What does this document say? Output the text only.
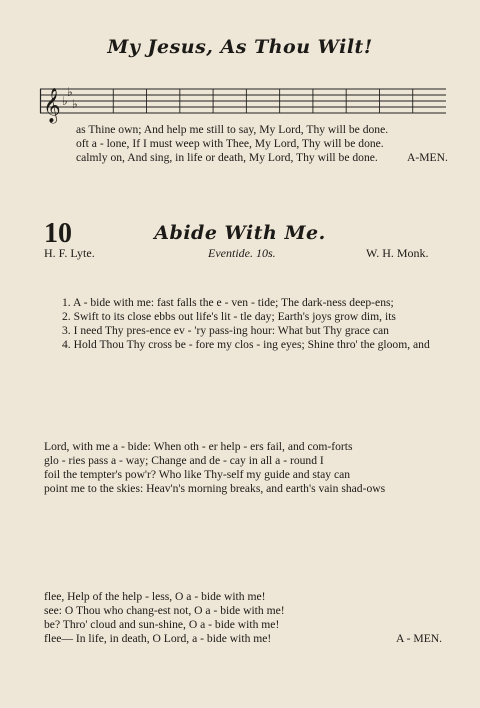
My Jesus, As Thou Wilt!
𝄞 ♭
♭
♭
as Thine own; And help me still to say, My Lord, Thy will be done.
oft a - lone, If I must weep with Thee, My Lord, Thy will be done.
calmly on, And sing, in life or death, My Lord, Thy will be done.	A-MEN.
10	Abide With Me.
H. F. Lyte.	Eventide. 10s.	W. H. Monk.
1. A - bide with me: fast falls the e - ven - tide; The dark-ness deep-ens;
2. Swift to its close ebbs out life's lit - tle day; Earth's joys grow dim, its
3. I need Thy pres-ence ev - 'ry pass-ing hour: What but Thy grace can
4. Hold Thou Thy cross be - fore my clos - ing eyes; Shine thro' the gloom, and
Lord, with me a - bide: When oth - er help - ers fail, and com-forts
glo - ries pass a - way; Change and de - cay in all a - round I
foil the tempter's pow'r? Who like Thy-self my guide and stay can
point me to the skies: Heav'n's morning breaks, and earth's vain shad-ows
flee, Help of the help - less, O a - bide with me!
see: O Thou who chang-est not, O a - bide with me!
be? Thro' cloud and sun-shine, O a - bide with me!
flee— In life, in death, O Lord, a - bide with me!	A - MEN.
